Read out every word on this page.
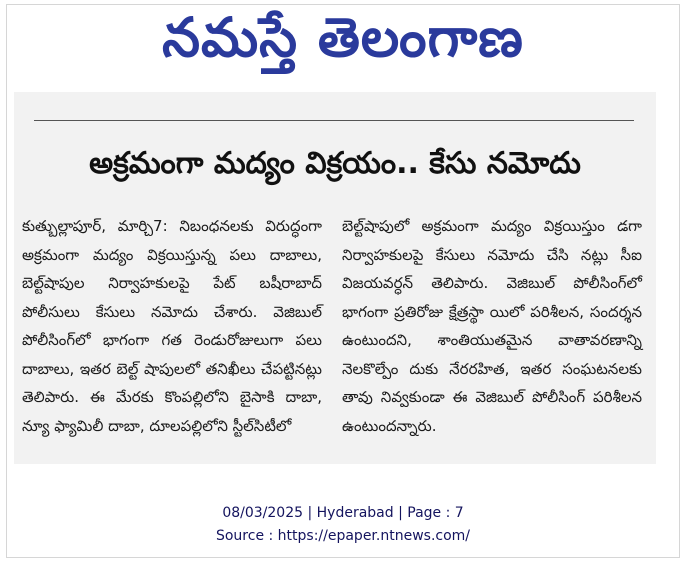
నమస్తే తెలంగాణ
అక్రమంగా మద్యం విక్రయం.. కేసు నమోదు
కుత్బుల్లాపూర్, మార్చి7: నిబంధనలకు విరుద్ధంగా అక్రమంగా మద్యం విక్రయిస్తున్న పలు దాబాలు, బెల్ట్‌షాపుల నిర్వాహకులపై పేట్ బషీరాబాద్ పోలీసులు కేసులు నమోదు చేశారు. వెజిబుల్ పోలీసింగ్‌లో భాగంగా గత రెండురోజులుగా పలు దాబాలు, ఇతర బెల్ట్ షాపులలో తనిఖీలు చేపట్టినట్లు తెలిపారు. ఈ మేరకు కొంపల్లిలోని బైసాకి దాబా, న్యూ ఫ్యామిలీ దాబా, దూలపల్లిలోని స్టీల్‌సిటీలో
బెల్ట్‌షాపులో అక్రమంగా మద్యం విక్రయిస్తుం డగా నిర్వాహకులపై కేసులు నమోదు చేసి నట్లు సీఐ విజయవర్ధన్ తెలిపారు. వెజిబుల్ పోలీసింగ్‌లో భాగంగా ప్రతిరోజు క్షేత్రస్థా యిలో పరిశీలన, సందర్శన ఉంటుందని, శాంతియుతమైన వాతావరణాన్ని నెలకొల్పేం దుకు నేరరహిత, ఇతర సంఘటనలకు తావు నివ్వకుండా ఈ వెజిబుల్ పోలీసింగ్ పరిశీలన ఉంటుందన్నారు.
08/03/2025 | Hyderabad | Page : 7
Source : https://epaper.ntnews.com/
